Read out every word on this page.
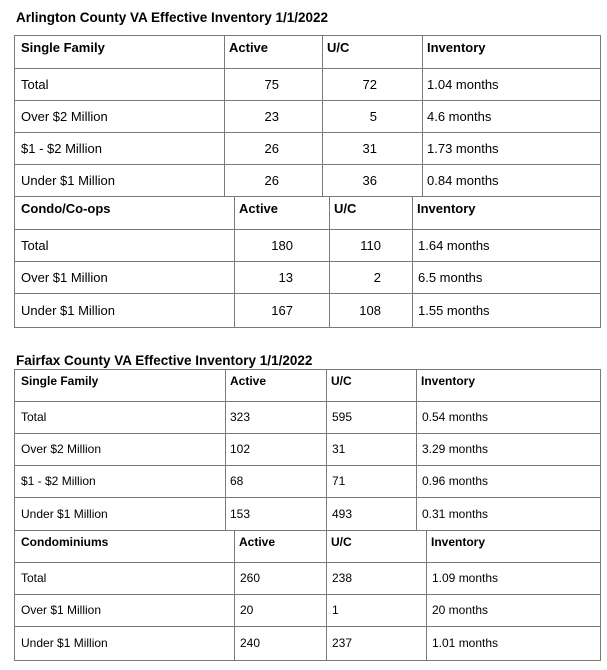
Arlington County VA Effective Inventory 1/1/2022
Fairfax County VA Effective Inventory 1/1/2022
Single Family	Active	U/C	Inventory
Total	75	72	1.04 months
Over $2 Million	23	5	4.6 months
$1 - $2 Million	26	31	1.73 months
Under $1 Million	26	36	0.84 months
Condo/Co-ops	Active	U/C	Inventory
Total	180	110	1.64 months
Over $1 Million	13	2	6.5 months
Under $1 Million	167	108	1.55 months
Single Family	Active	U/C	Inventory
Total	323	595	0.54 months
Over $2 Million	102	31	3.29 months
$1 - $2 Million	68	71	0.96 months
Under $1 Million	153	493	0.31 months
Condominiums	Active	U/C	Inventory
Total	260	238	1.09 months
Over $1 Million	20	1	20 months
Under $1 Million	240	237	1.01 months
